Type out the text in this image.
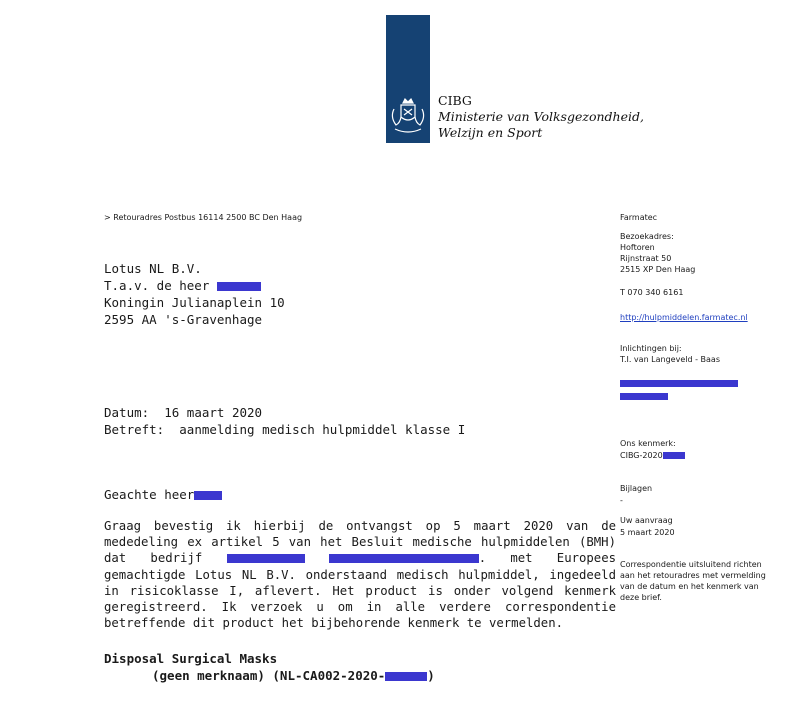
CIBG
Ministerie van Volksgezondheid,
Welzijn en Sport
> Retouradres Postbus 16114 2500 BC Den Haag
Lotus NL B.V.
T.a.v. de heer
Koningin Julianaplein 10
2595 AA 's-Gravenhage
Datum: 16 maart 2020
Betreft: aanmelding medisch hulpmiddel klasse I
Geachte heer
Graag bevestig ik hierbij de ontvangst op 5 maart 2020 van de mededeling ex artikel 5 van het Besluit medische hulpmiddelen (BMH) dat bedrijf	. met Europees gemachtigde Lotus NL B.V. onderstaand medisch hulpmiddel, ingedeeld in risicoklasse I, aflevert. Het product is onder volgend kenmerk geregistreerd. Ik verzoek u om in alle verdere correspondentie betreffende dit product het bijbehorende kenmerk te vermelden.
Disposal Surgical Masks
(geen merknaam) (NL-CA002-2020-	)
Farmatec
Bezoekadres:
Hoftoren
Rijnstraat 50
2515 XP Den Haag
T 070 340 6161
http://hulpmiddelen.farmatec.nl
Inlichtingen bij:
T.I. van Langeveld - Baas
Ons kenmerk:
CIBG-2020
Bijlagen
-
Uw aanvraag
5 maart 2020
Correspondentie uitsluitend richten aan het retouradres met vermelding van de datum en het kenmerk van deze brief.
